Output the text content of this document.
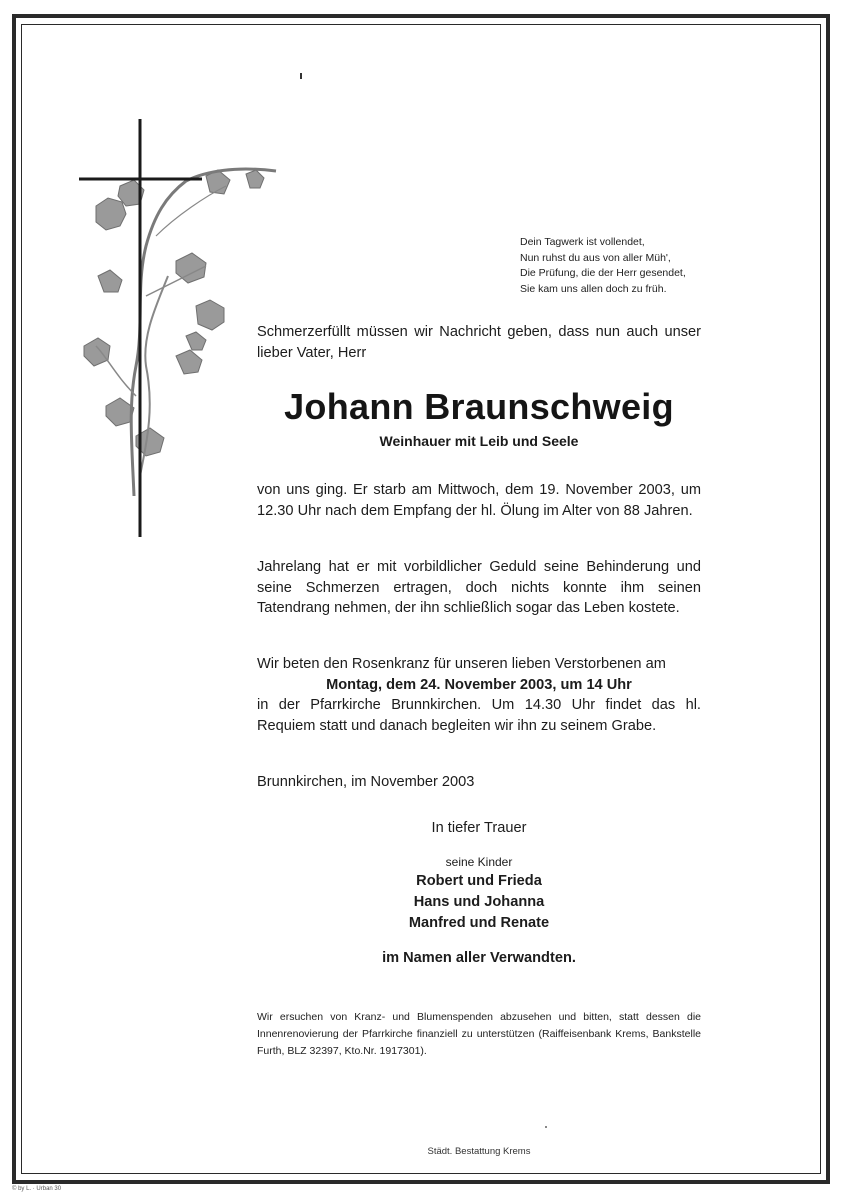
Dein Tagwerk ist vollendet,
Nun ruhst du aus von aller Müh',
Die Prüfung, die der Herr gesendet,
Sie kam uns allen doch zu früh.
Schmerzerfüllt müssen wir Nachricht geben, dass nun auch unser lieber Vater, Herr
Johann Braunschweig
Weinhauer mit Leib und Seele
von uns ging. Er starb am Mittwoch, dem 19. November 2003, um 12.30 Uhr nach dem Empfang der hl. Ölung im Alter von 88 Jahren.
Jahrelang hat er mit vorbildlicher Geduld seine Behinderung und seine Schmerzen ertragen, doch nichts konnte ihm seinen Tatendrang nehmen, der ihn schließlich sogar das Leben kostete.
Wir beten den Rosenkranz für unseren lieben Verstorbenen am
Montag, dem 24. November 2003, um 14 Uhr
in der Pfarrkirche Brunnkirchen. Um 14.30 Uhr findet das hl. Requiem statt und danach begleiten wir ihn zu seinem Grabe.
Brunnkirchen, im November 2003
In tiefer Trauer
seine Kinder
Robert und Frieda
Hans und Johanna
Manfred und Renate
im Namen aller Verwandten.
Wir ersuchen von Kranz- und Blumenspenden abzusehen und bitten, statt dessen die Innenrenovierung der Pfarrkirche finanziell zu unterstützen (Raiffeisenbank Krems, Bankstelle Furth, BLZ 32397, Kto.Nr. 1917301).
Städt. Bestattung Krems
© by L. · Urban 30
